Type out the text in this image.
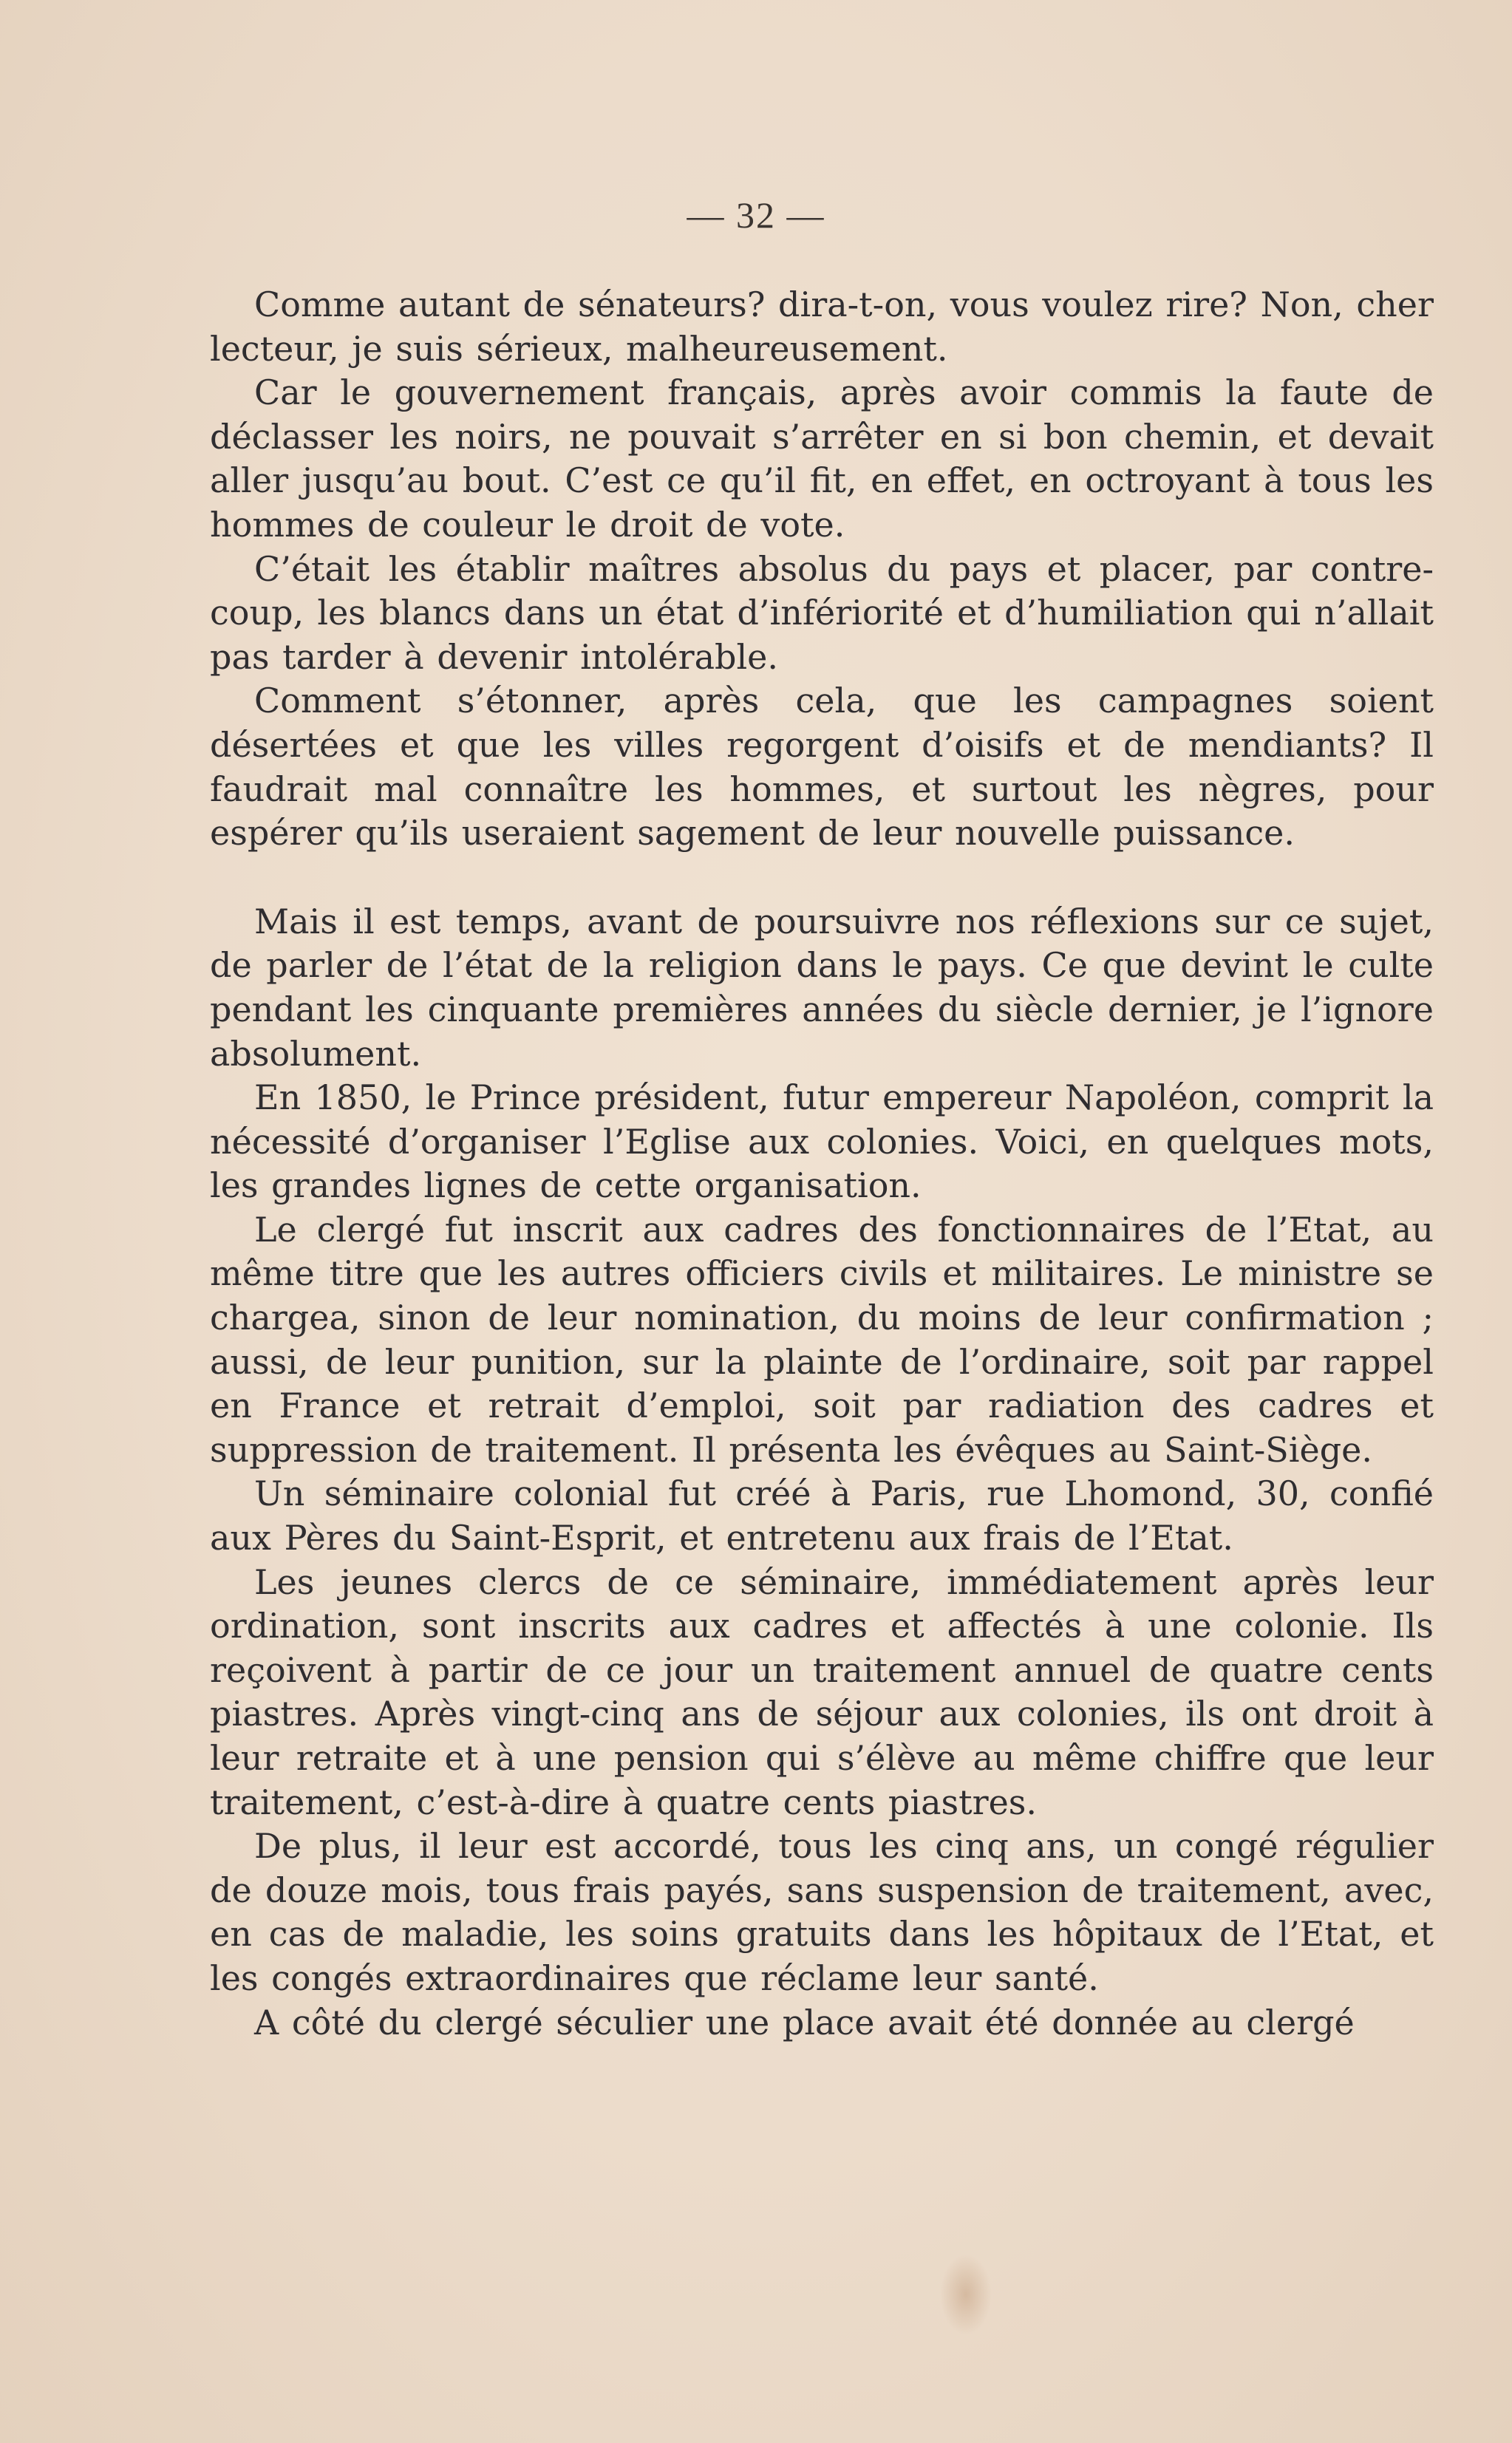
— 32 —

Comme autant de sénateurs? dira-t-on, vous voulez rire? Non, cher lecteur, je suis sérieux, malheureusement.

Car le gouvernement français, après avoir commis la faute de déclasser les noirs, ne pouvait s’arrêter en si bon chemin, et devait aller jusqu’au bout. C’est ce qu’il fit, en effet, en octroyant à tous les hommes de couleur le droit de vote.

C’était les établir maîtres absolus du pays et placer, par contre-coup, les blancs dans un état d’infériorité et d’humiliation qui n’allait pas tarder à devenir intolérable.

Comment s’étonner, après cela, que les campagnes soient désertées et que les villes regorgent d’oisifs et de mendiants? Il faudrait mal connaître les hommes, et surtout les nègres, pour espérer qu’ils useraient sagement de leur nouvelle puissance.

Mais il est temps, avant de poursuivre nos réflexions sur ce sujet, de parler de l’état de la religion dans le pays. Ce que devint le culte pendant les cinquante premières années du siècle dernier, je l’ignore absolument.

En 1850, le Prince président, futur empereur Napoléon, comprit la nécessité d’organiser l’Eglise aux colonies. Voici, en quelques mots, les grandes lignes de cette organisation.

Le clergé fut inscrit aux cadres des fonctionnaires de l’Etat, au même titre que les autres officiers civils et militaires. Le ministre se chargea, sinon de leur nomination, du moins de leur confirmation ; aussi, de leur punition, sur la plainte de l’ordinaire, soit par rappel en France et retrait d’emploi, soit par radiation des cadres et suppression de traitement. Il présenta les évêques au Saint-Siège.

Un séminaire colonial fut créé à Paris, rue Lhomond, 30, confié aux Pères du Saint-Esprit, et entretenu aux frais de l’Etat.

Les jeunes clercs de ce séminaire, immédiatement après leur ordination, sont inscrits aux cadres et affectés à une colonie. Ils reçoivent à partir de ce jour un traitement annuel de quatre cents piastres. Après vingt-cinq ans de séjour aux colonies, ils ont droit à leur retraite et à une pension qui s’élève au même chiffre que leur traitement, c’est-à-dire à quatre cents piastres.

De plus, il leur est accordé, tous les cinq ans, un congé régulier de douze mois, tous frais payés, sans suspension de traitement, avec, en cas de maladie, les soins gratuits dans les hôpitaux de l’Etat, et les congés extraordinaires que réclame leur santé.

A côté du clergé séculier une place avait été donnée au clergé
